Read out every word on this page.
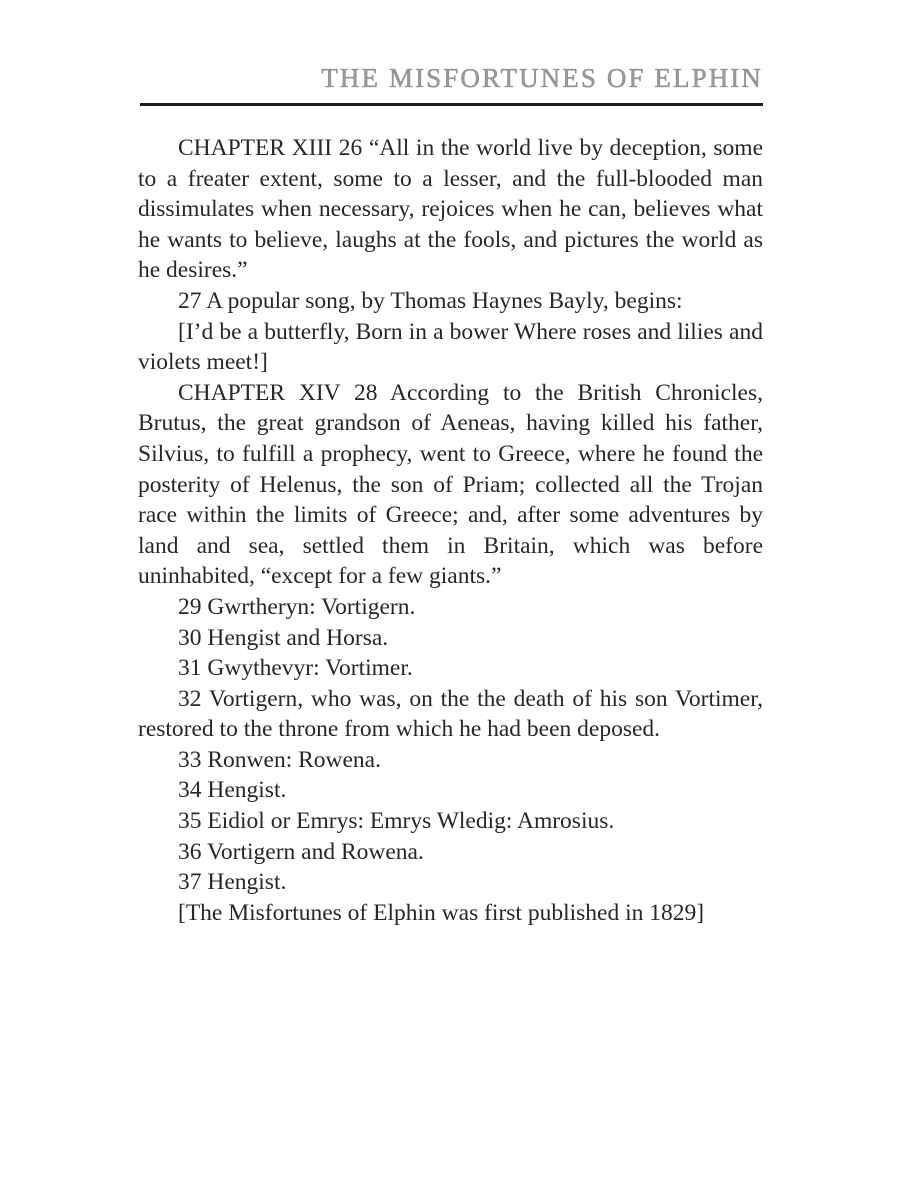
THE MISFORTUNES OF ELPHIN

CHAPTER XIII 26 “All in the world live by deception, some to a freater extent, some to a lesser, and the full-blooded man dissimulates when necessary, rejoices when he can, believes what he wants to believe, laughs at the fools, and pictures the world as he desires.”

27 A popular song, by Thomas Haynes Bayly, begins:

[I’d be a butterfly, Born in a bower Where roses and lilies and violets meet!]

CHAPTER XIV 28 According to the British Chronicles, Brutus, the great grandson of Aeneas, having killed his father, Silvius, to fulfill a prophecy, went to Greece, where he found the posterity of Helenus, the son of Priam; collected all the Trojan race within the limits of Greece; and, after some adventures by land and sea, settled them in Britain, which was before uninhabited, “except for a few giants.”

29 Gwrtheryn: Vortigern.

30 Hengist and Horsa.

31 Gwythevyr: Vortimer.

32 Vortigern, who was, on the the death of his son Vortimer, restored to the throne from which he had been deposed.

33 Ronwen: Rowena.

34 Hengist.

35 Eidiol or Emrys: Emrys Wledig: Amrosius.

36 Vortigern and Rowena.

37 Hengist.

[The Misfortunes of Elphin was first published in 1829]
